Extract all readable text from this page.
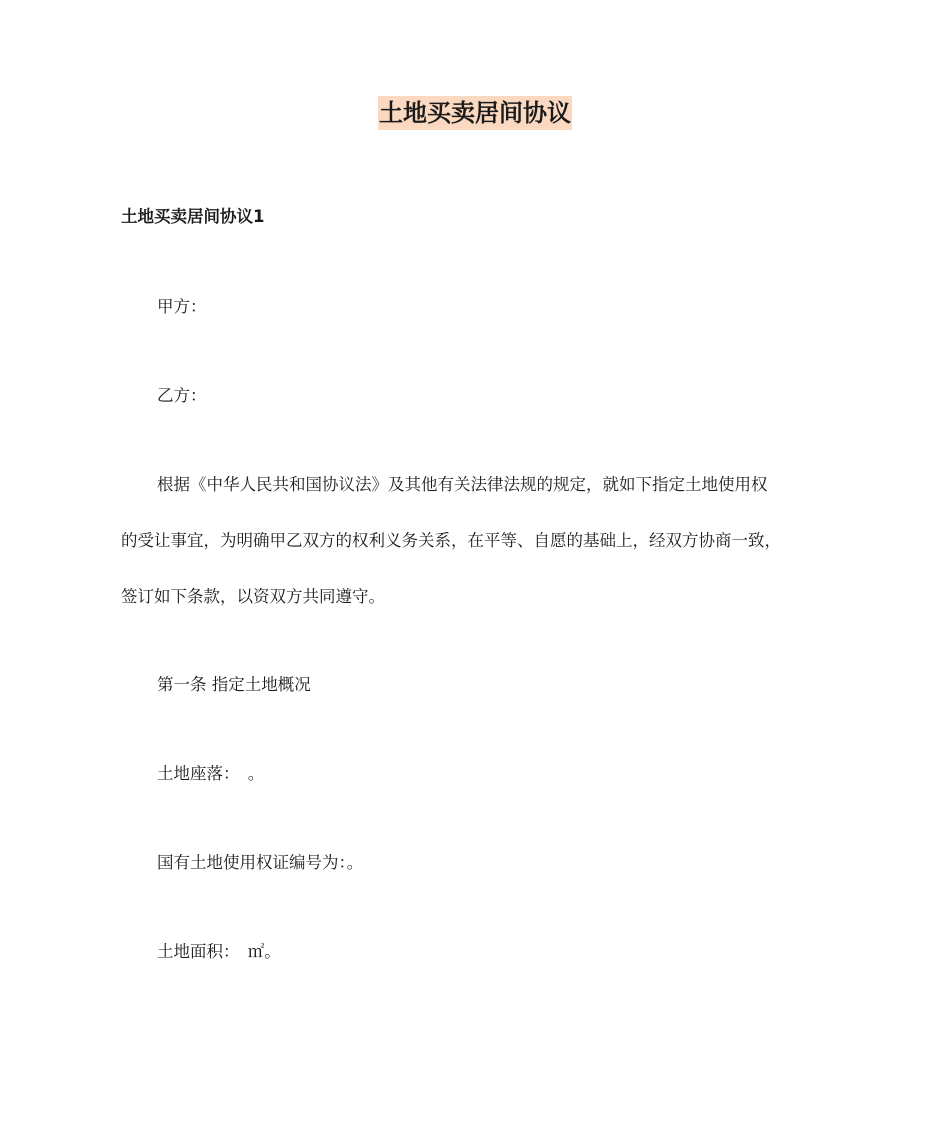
土地买卖居间协议
土地买卖居间协议1
甲方：
乙方：
根据《中华人民共和国协议法》及其他有关法律法规的规定，就如下指定土地使用权
的受让事宜，为明确甲乙双方的权利义务关系，在平等、自愿的基础上，经双方协商一致，
签订如下条款，以资双方共同遵守。
第一条 指定土地概况
土地座落：　。
国有土地使用权证编号为：。
土地面积：　㎡。
